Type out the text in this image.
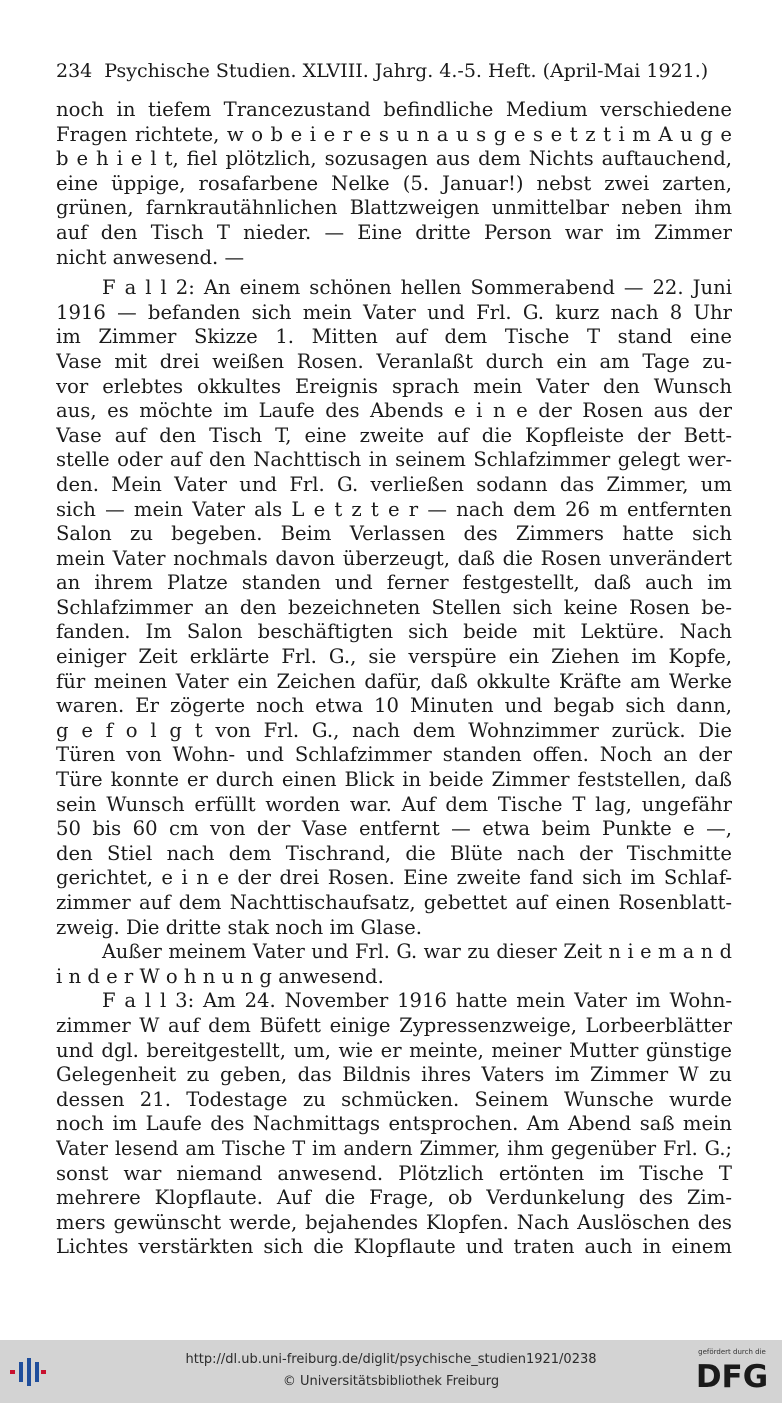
234 Psychische Studien. XLVIII. Jahrg. 4.-5. Heft. (April-Mai 1921.)
noch in tiefem Trancezustand befindliche Medium verschiedene
Fragen richtete, w o b e i e r e s u n a u s g e s e t z t i m A u g e
b e h i e l t, fiel plötzlich, sozusagen aus dem Nichts auftauchend,
eine üppige, rosafarbene Nelke (5. Januar!) nebst zwei zarten,
grünen, farnkrautähnlichen Blattzweigen unmittelbar neben ihm
auf den Tisch T nieder. — Eine dritte Person war im Zimmer
nicht anwesend. —
F a l l 2: An einem schönen hellen Sommerabend — 22. Juni
1916 — befanden sich mein Vater und Frl. G. kurz nach 8 Uhr
im Zimmer Skizze 1. Mitten auf dem Tische T stand eine
Vase mit drei weißen Rosen. Veranlaßt durch ein am Tage zu-
vor erlebtes okkultes Ereignis sprach mein Vater den Wunsch
aus, es möchte im Laufe des Abends e i n e der Rosen aus der
Vase auf den Tisch T, eine zweite auf die Kopfleiste der Bett-
stelle oder auf den Nachttisch in seinem Schlafzimmer gelegt wer-
den. Mein Vater und Frl. G. verließen sodann das Zimmer, um
sich — mein Vater als L e t z t e r — nach dem 26 m entfernten
Salon zu begeben. Beim Verlassen des Zimmers hatte sich
mein Vater nochmals davon überzeugt, daß die Rosen unverändert
an ihrem Platze standen und ferner festgestellt, daß auch im
Schlafzimmer an den bezeichneten Stellen sich keine Rosen be-
fanden. Im Salon beschäftigten sich beide mit Lektüre. Nach
einiger Zeit erklärte Frl. G., sie verspüre ein Ziehen im Kopfe,
für meinen Vater ein Zeichen dafür, daß okkulte Kräfte am Werke
waren. Er zögerte noch etwa 10 Minuten und begab sich dann,
g e f o l g t von Frl. G., nach dem Wohnzimmer zurück. Die
Türen von Wohn- und Schlafzimmer standen offen. Noch an der
Türe konnte er durch einen Blick in beide Zimmer feststellen, daß
sein Wunsch erfüllt worden war. Auf dem Tische T lag, ungefähr
50 bis 60 cm von der Vase entfernt — etwa beim Punkte e —,
den Stiel nach dem Tischrand, die Blüte nach der Tischmitte
gerichtet, e i n e der drei Rosen. Eine zweite fand sich im Schlaf-
zimmer auf dem Nachttischaufsatz, gebettet auf einen Rosenblatt-
zweig. Die dritte stak noch im Glase.
Außer meinem Vater und Frl. G. war zu dieser Zeit n i e m a n d
i n d e r W o h n u n g anwesend.
F a l l 3: Am 24. November 1916 hatte mein Vater im Wohn-
zimmer W auf dem Büfett einige Zypressenzweige, Lorbeerblätter
und dgl. bereitgestellt, um, wie er meinte, meiner Mutter günstige
Gelegenheit zu geben, das Bildnis ihres Vaters im Zimmer W zu
dessen 21. Todestage zu schmücken. Seinem Wunsche wurde
noch im Laufe des Nachmittags entsprochen. Am Abend saß mein
Vater lesend am Tische T im andern Zimmer, ihm gegenüber Frl. G.;
sonst war niemand anwesend. Plötzlich ertönten im Tische T
mehrere Klopflaute. Auf die Frage, ob Verdunkelung des Zim-
mers gewünscht werde, bejahendes Klopfen. Nach Auslöschen des
Lichtes verstärkten sich die Klopflaute und traten auch in einem
http://dl.ub.uni-freiburg.de/diglit/psychische_studien1921/0238
© Universitätsbibliothek Freiburg
gefördert durch die
DFG
